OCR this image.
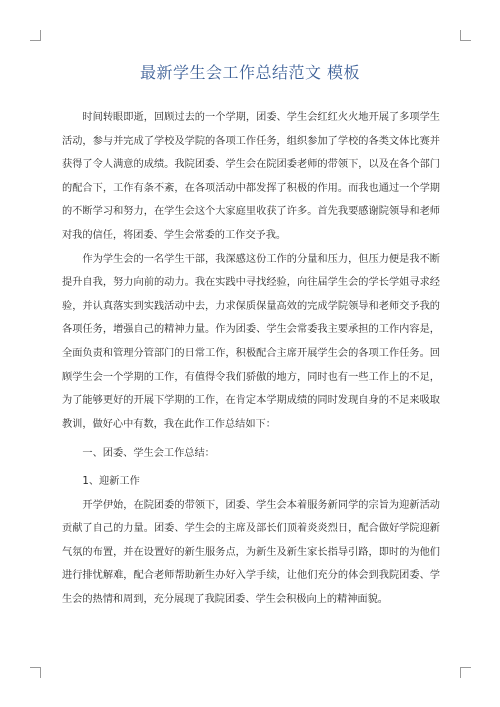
最新学生会工作总结范文 模板

时间转眼即逝，回顾过去的一个学期，团委、学生会红红火火地开展了多项学生活动，参与并完成了学校及学院的各项工作任务，组织参加了学校的各类文体比赛并获得了令人满意的成绩。我院团委、学生会在院团委老师的带领下，以及在各个部门的配合下，工作有条不紊，在各项活动中都发挥了积极的作用。而我也通过一个学期的不断学习和努力，在学生会这个大家庭里收获了许多。首先我要感谢院领导和老师对我的信任，将团委、学生会常委的工作交予我。

作为学生会的一名学生干部，我深感这份工作的分量和压力，但压力便是我不断提升自我，努力向前的动力。我在实践中寻找经验，向往届学生会的学长学姐寻求经验，并认真落实到实践活动中去，力求保质保量高效的完成学院领导和老师交予我的各项任务，增强自己的精神力量。作为团委、学生会常委我主要承担的工作内容是，全面负责和管理分管部门的日常工作，积极配合主席开展学生会的各项工作任务。回顾学生会一个学期的工作，有值得令我们骄傲的地方，同时也有一些工作上的不足，为了能够更好的开展下学期的工作，在肯定本学期成绩的同时发现自身的不足来吸取教训，做好心中有数，我在此作工作总结如下：

一、团委、学生会工作总结：

1、迎新工作

开学伊始，在院团委的带领下，团委、学生会本着服务新同学的宗旨为迎新活动贡献了自己的力量。团委、学生会的主席及部长们顶着炎炎烈日，配合做好学院迎新气氛的布置，并在设置好的新生服务点，为新生及新生家长指导引路，即时的为他们进行排忧解难，配合老师帮助新生办好入学手续，让他们充分的体会到我院团委、学生会的热情和周到，充分展现了我院团委、学生会积极向上的精神面貌。
